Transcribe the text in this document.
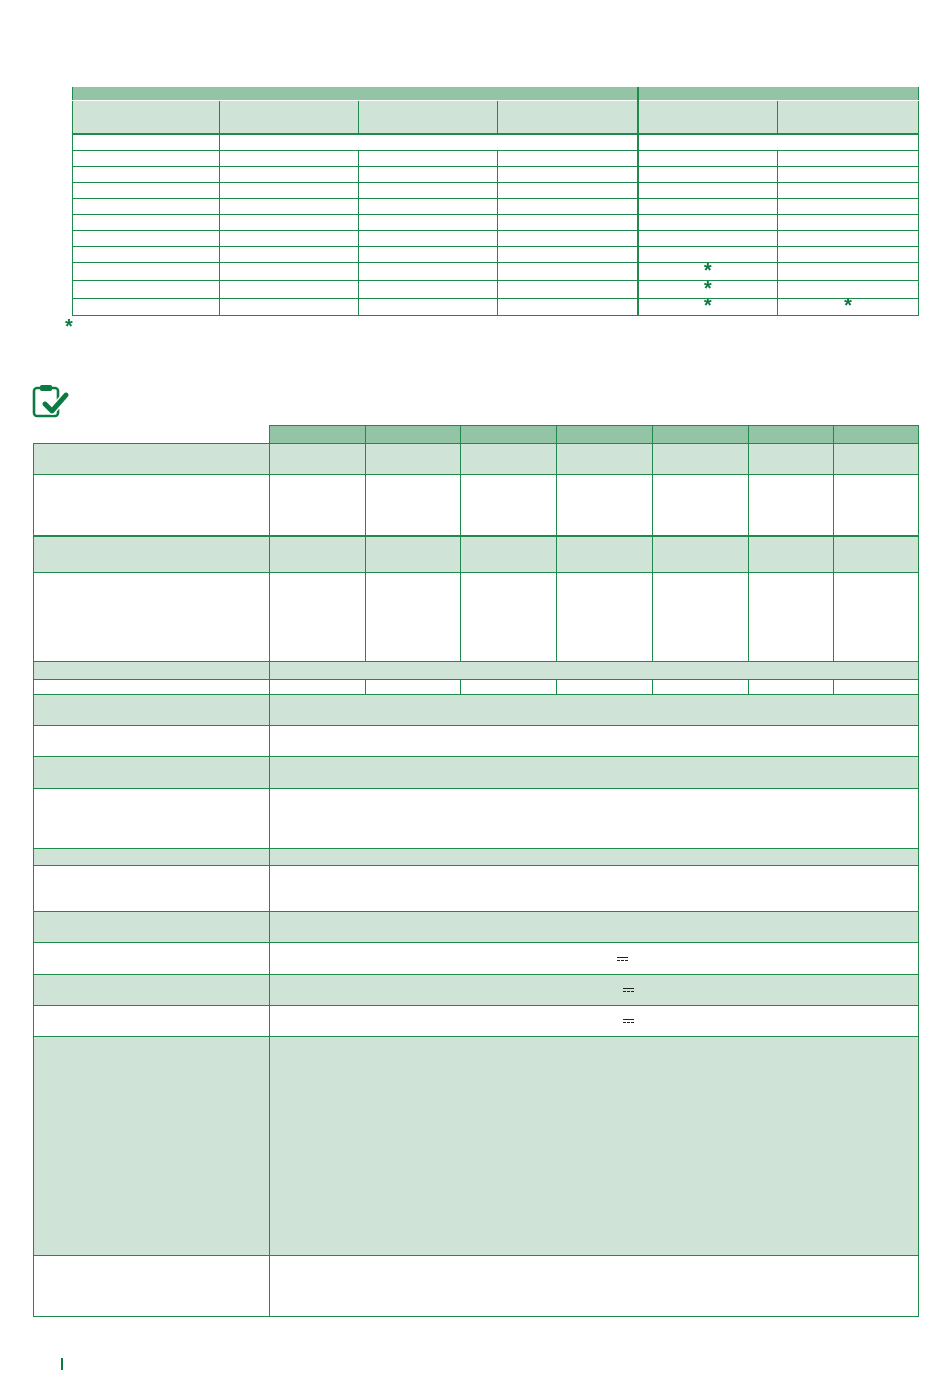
				*	
				*	
				*	*
*
